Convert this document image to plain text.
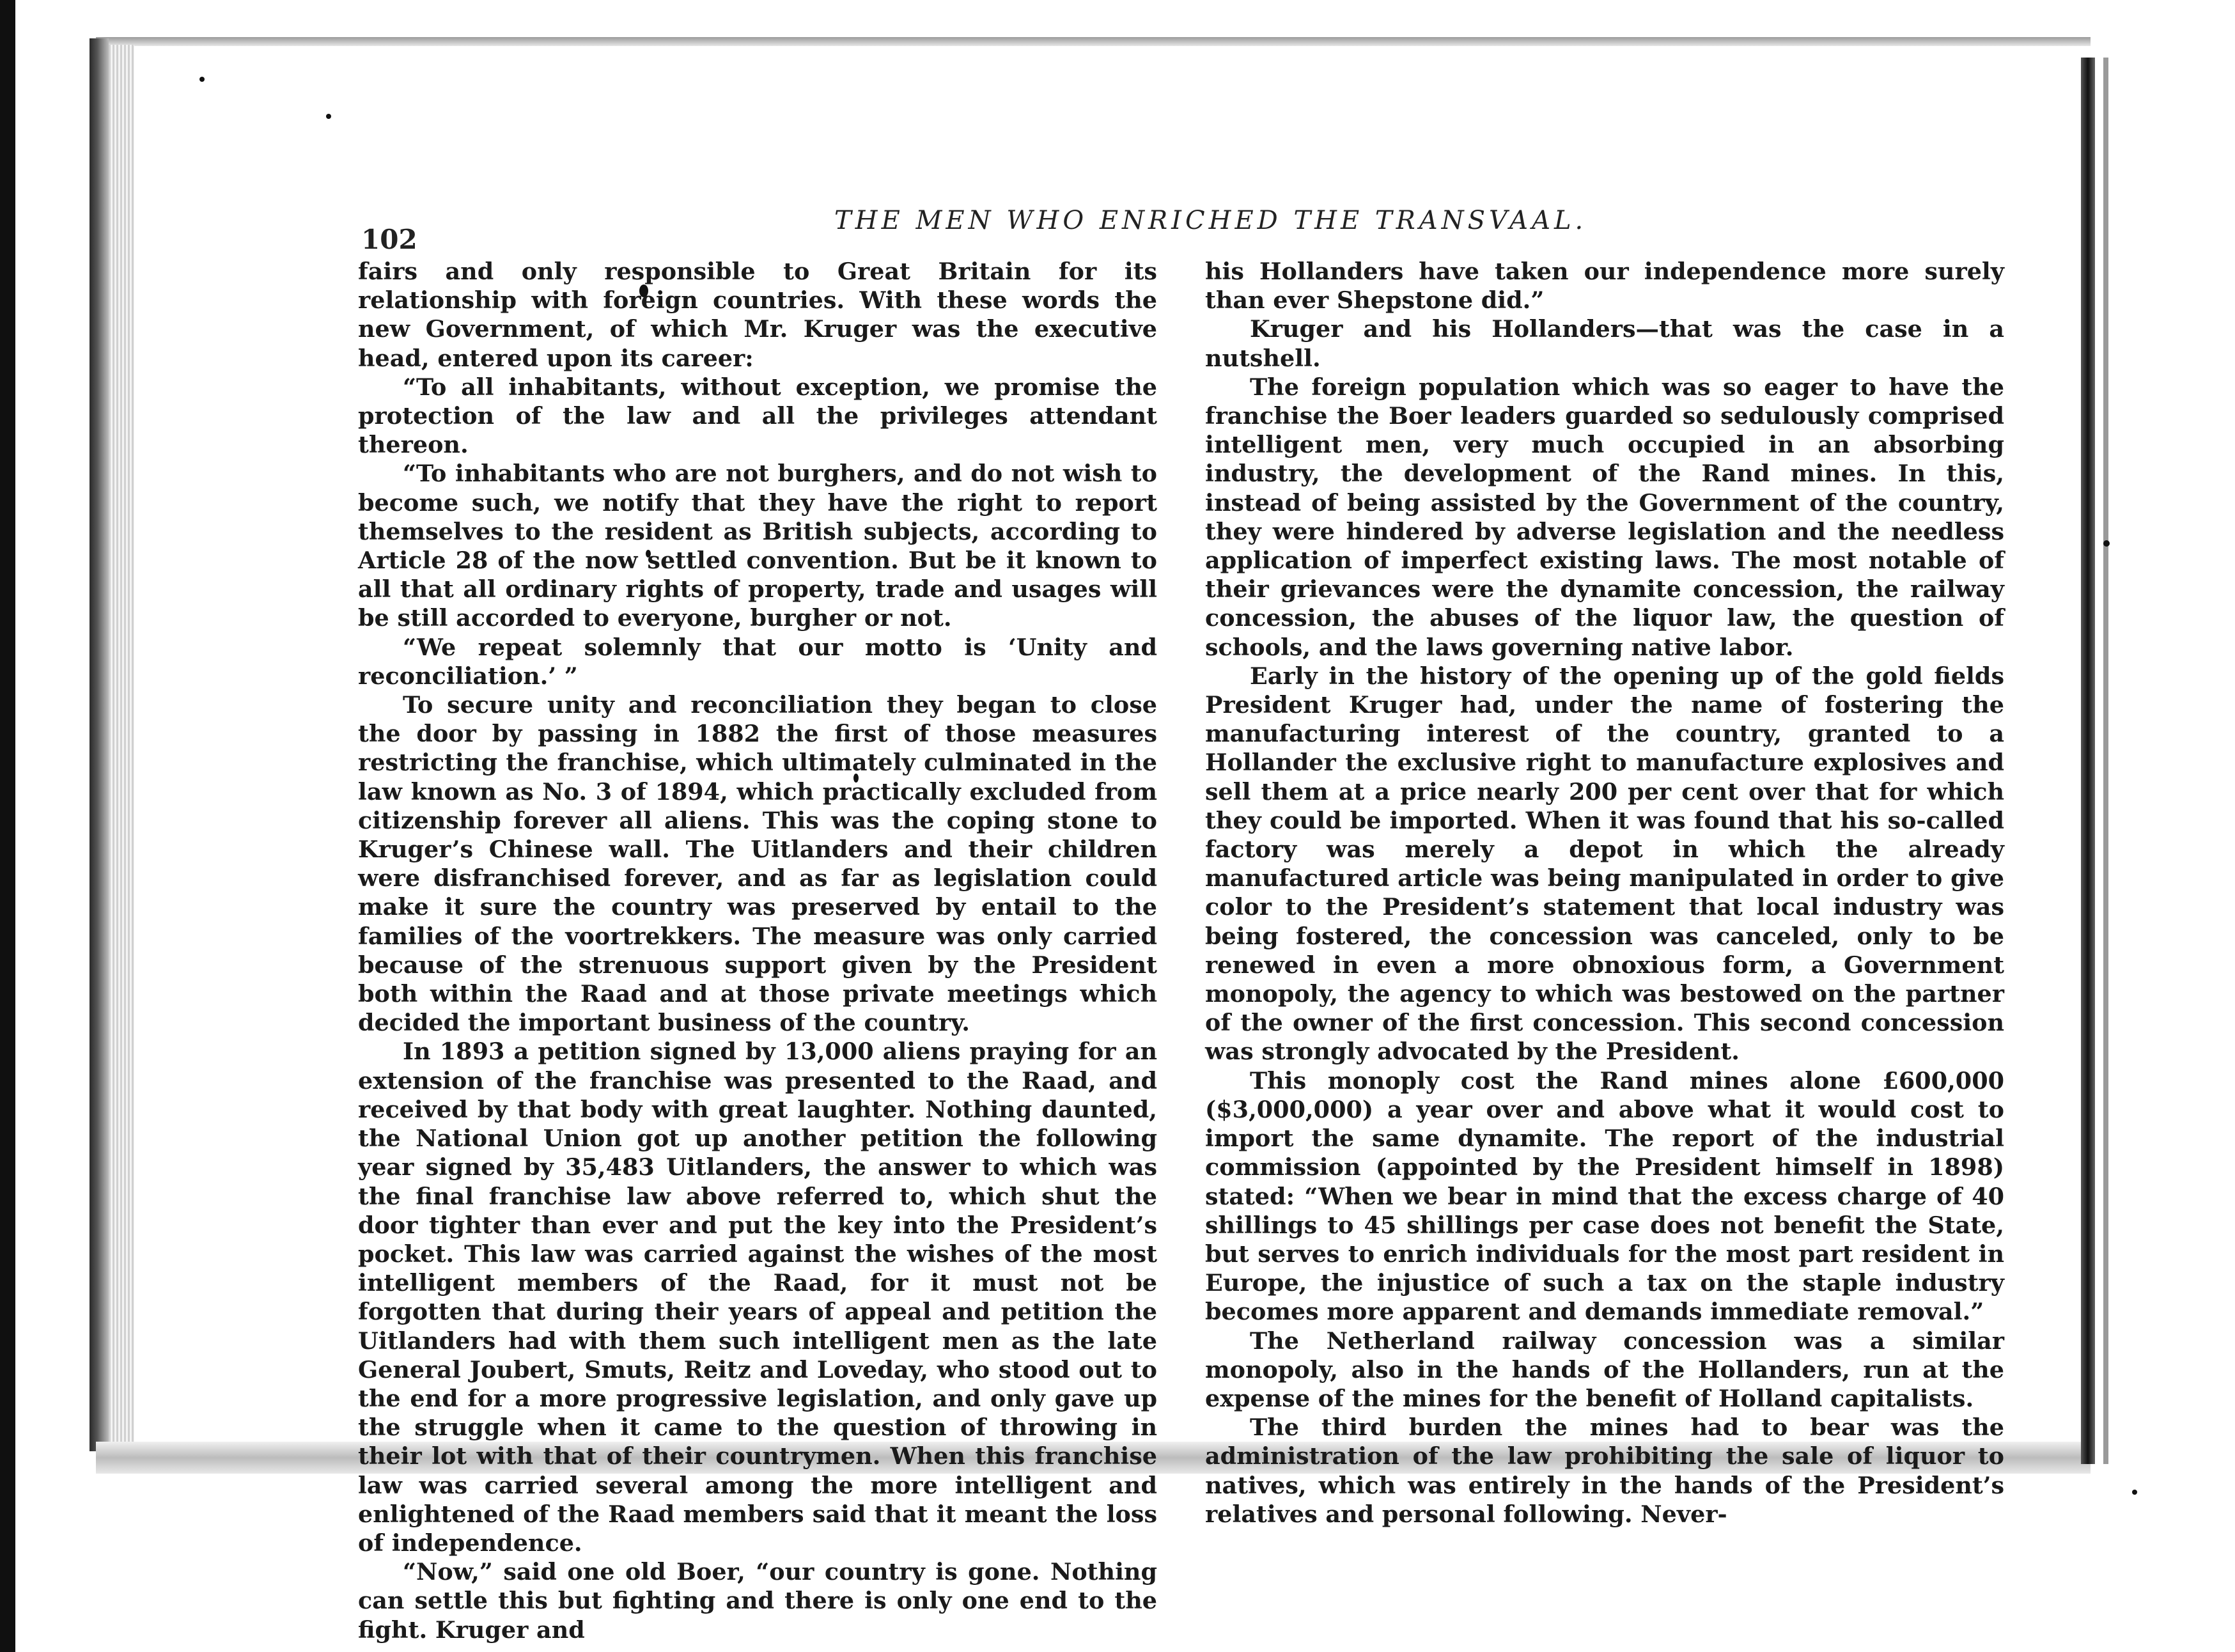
102
THE MEN WHO ENRICHED THE TRANSVAAL.

fairs and only responsible to Great Britain for its relationship with foreign countries. With these words the new Government, of which Mr. Kruger was the executive head, entered upon its career:

“To all inhabitants, without exception, we promise the protection of the law and all the privileges attendant thereon.

“To inhabitants who are not burghers, and do not wish to become such, we notify that they have the right to report themselves to the resident as British subjects, according to Article 28 of the now settled convention. But be it known to all that all ordinary rights of property, trade and usages will be still accorded to everyone, burgher or not.

“We repeat solemnly that our motto is ‘Unity and reconciliation.’ ”

To secure unity and reconciliation they began to close the door by passing in 1882 the first of those measures restricting the franchise, which ultimately culminated in the law known as No. 3 of 1894, which practically excluded from citizenship forever all aliens. This was the coping stone to Kruger’s Chinese wall. The Uitlanders and their children were disfranchised forever, and as far as legislation could make it sure the country was preserved by entail to the families of the voortrekkers. The measure was only carried because of the strenuous support given by the President both within the Raad and at those private meetings which decided the important business of the country.

In 1893 a petition signed by 13,000 aliens praying for an extension of the franchise was presented to the Raad, and received by that body with great laughter. Nothing daunted, the National Union got up another petition the following year signed by 35,483 Uitlanders, the answer to which was the final franchise law above referred to, which shut the door tighter than ever and put the key into the President’s pocket. This law was carried against the wishes of the most intelligent members of the Raad, for it must not be forgotten that during their years of appeal and petition the Uitlanders had with them such intelligent men as the late General Joubert, Smuts, Reitz and Loveday, who stood out to the end for a more progressive legislation, and only gave up the struggle when it came to the question of throwing in their lot with that of their countrymen. When this franchise law was carried several among the more intelligent and enlightened of the Raad members said that it meant the loss of independence.

“Now,” said one old Boer, “our country is gone. Nothing can settle this but fighting and there is only one end to the fight. Kruger and

his Hollanders have taken our independence more surely than ever Shepstone did.”

Kruger and his Hollanders—that was the case in a nutshell.

The foreign population which was so eager to have the franchise the Boer leaders guarded so sedulously comprised intelligent men, very much occupied in an absorbing industry, the development of the Rand mines. In this, instead of being assisted by the Government of the country, they were hindered by adverse legislation and the needless application of imperfect existing laws. The most notable of their grievances were the dynamite concession, the railway concession, the abuses of the liquor law, the question of schools, and the laws governing native labor.

Early in the history of the opening up of the gold fields President Kruger had, under the name of fostering the manufacturing interest of the country, granted to a Hollander the exclusive right to manufacture explosives and sell them at a price nearly 200 per cent over that for which they could be imported. When it was found that his so-called factory was merely a depot in which the already manufactured article was being manipulated in order to give color to the President’s statement that local industry was being fostered, the concession was canceled, only to be renewed in even a more obnoxious form, a Government monopoly, the agency to which was bestowed on the partner of the owner of the first concession. This second concession was strongly advocated by the President.

This monoply cost the Rand mines alone £600,000 ($3,000,000) a year over and above what it would cost to import the same dynamite. The report of the industrial commission (appointed by the President himself in 1898) stated: “When we bear in mind that the excess charge of 40 shillings to 45 shillings per case does not benefit the State, but serves to enrich individuals for the most part resident in Europe, the injustice of such a tax on the staple industry becomes more apparent and demands immediate removal.”

The Netherland railway concession was a similar monopoly, also in the hands of the Hollanders, run at the expense of the mines for the benefit of Holland capitalists.

The third burden the mines had to bear was the administration of the law prohibiting the sale of liquor to natives, which was entirely in the hands of the President’s relatives and personal following. Never-
